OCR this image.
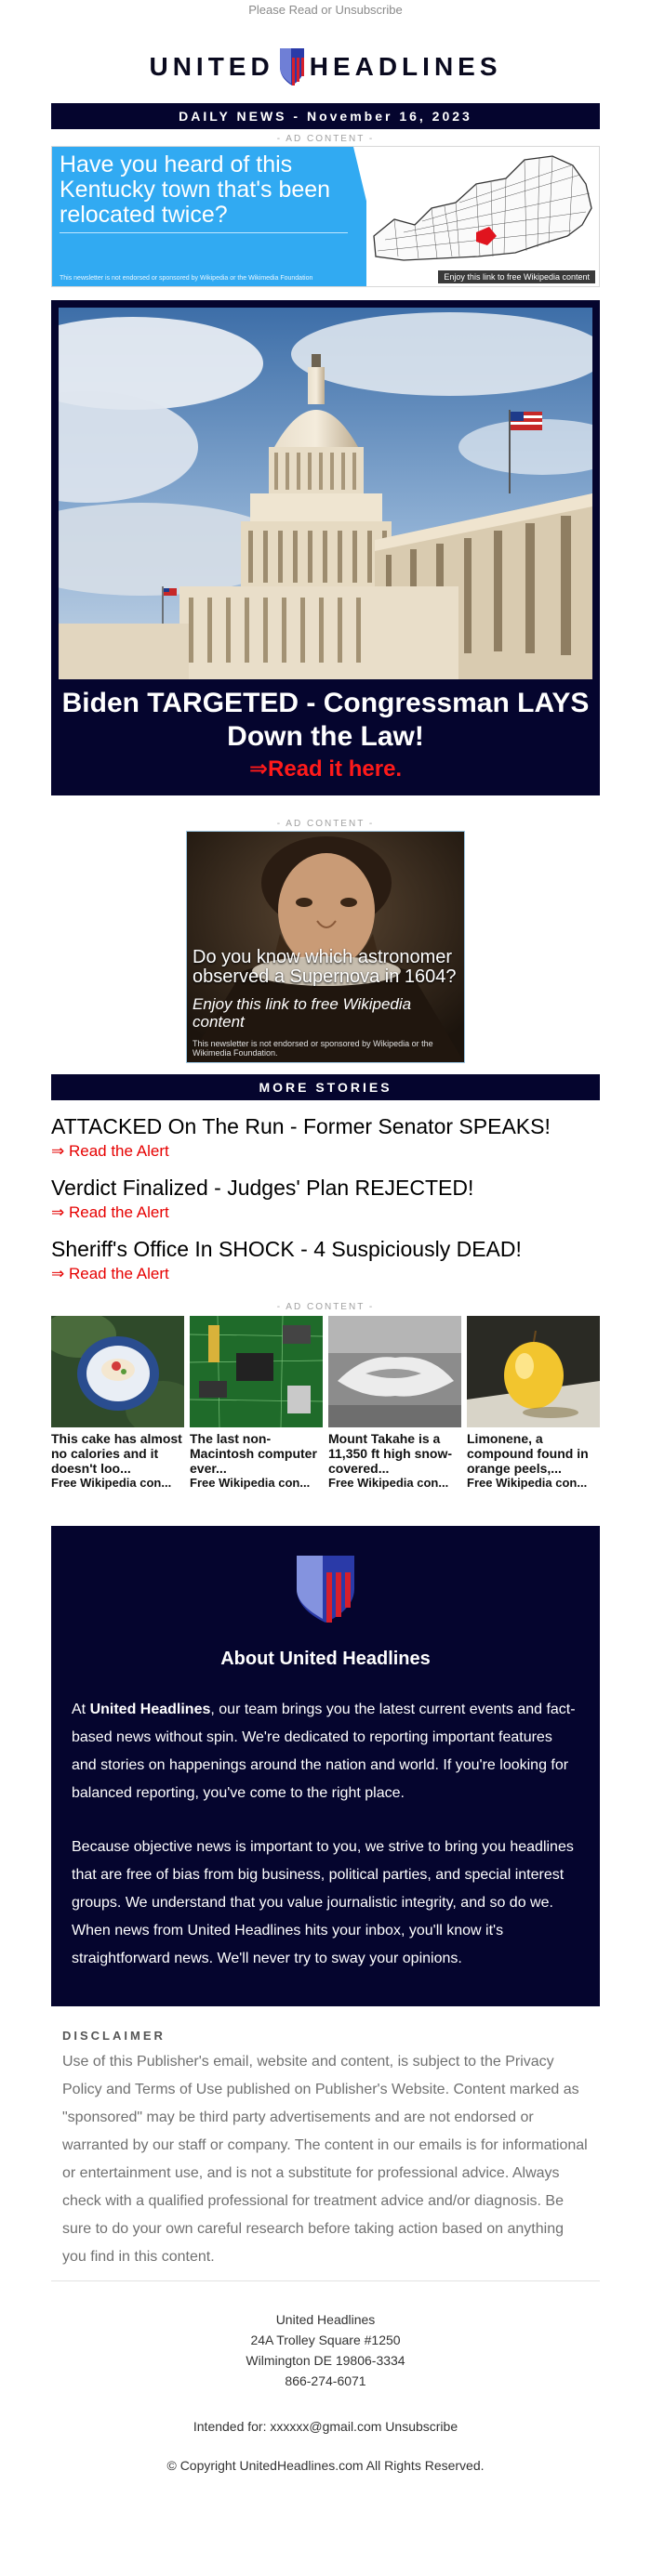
Please Read or Unsubscribe
UNITED HEADLINES
DAILY NEWS - November 16, 2023
- AD CONTENT -
Have you heard of this Kentucky town that's been relocated twice?
This newsletter is not endorsed or sponsored by Wikipedia or the Wikimedia Foundation	Enjoy this link to free Wikipedia content
Biden TARGETED - Congressman LAYS Down the Law!
⇒Read it here.
- AD CONTENT -
Do you know which astronomer observed a Supernova in 1604?
Enjoy this link to free Wikipedia content
This newsletter is not endorsed or sponsored by Wikipedia or the Wikimedia Foundation.
MORE STORIES
ATTACKED On The Run - Former Senator SPEAKS!
⇒ Read the Alert
Verdict Finalized - Judges' Plan REJECTED!
⇒ Read the Alert
Sheriff's Office In SHOCK - 4 Suspiciously DEAD!
⇒ Read the Alert
- AD CONTENT -
This cake has almost no calories and it doesn't loo...
Free Wikipedia con...
The last non-Macintosh computer ever...
Free Wikipedia con...
Mount Takahe is a 11,350 ft high snow-covered...
Free Wikipedia con...
Limonene, a compound found in orange peels,...
Free Wikipedia con...
About United Headlines

At United Headlines, our team brings you the latest current events and fact-based news without spin. We're dedicated to reporting important features and stories on happenings around the nation and world. If you're looking for balanced reporting, you've come to the right place.

Because objective news is important to you, we strive to bring you headlines that are free of bias from big business, political parties, and special interest groups. We understand that you value journalistic integrity, and so do we. When news from United Headlines hits your inbox, you'll know it's straightforward news. We'll never try to sway your opinions.

DISCLAIMER
Use of this Publisher's email, website and content, is subject to the Privacy Policy and Terms of Use published on Publisher's Website. Content marked as "sponsored" may be third party advertisements and are not endorsed or warranted by our staff or company. The content in our emails is for informational or entertainment use, and is not a substitute for professional advice. Always check with a qualified professional for treatment advice and/or diagnosis. Be sure to do your own careful research before taking action based on anything you find in this content.
United Headlines
24A Trolley Square #1250
Wilmington DE 19806-3334
866-274-6071
Intended for: xxxxxx@gmail.com Unsubscribe
© Copyright UnitedHeadlines.com All Rights Reserved.
